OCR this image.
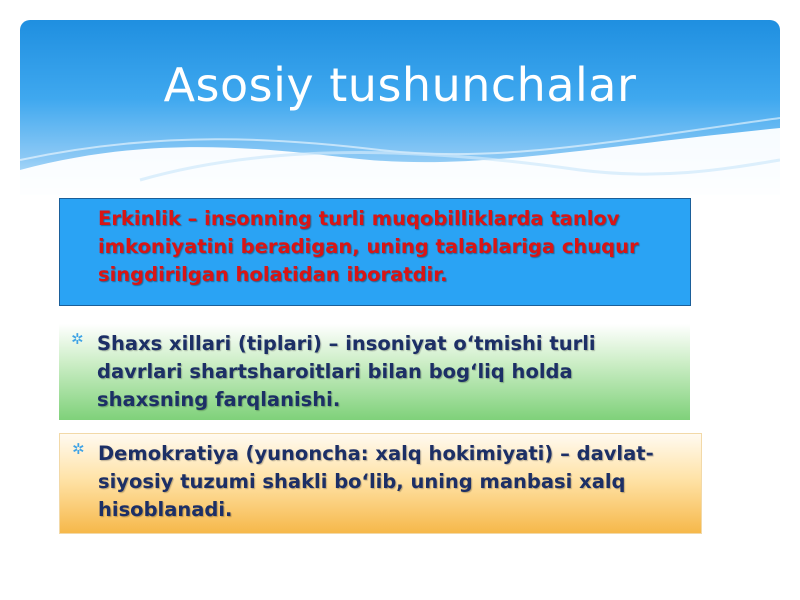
Asosiy tushunchalar
Erkinlik – insonning turli muqobilliklarda tanlov imkoniyatini beradigan, uning talablariga chuqur singdirilgan holatidan iboratdir.
✲ Shaxs xillari (tiplari) – insoniyat o‘tmishi turli davrlari shartsharoitlari bilan bog‘liq holda shaxsning farqlanishi.
✲ Demokratiya (yunoncha: xalq hokimiyati) – davlat-siyosiy tuzumi shakli bo‘lib, uning manbasi xalq hisoblanadi.
